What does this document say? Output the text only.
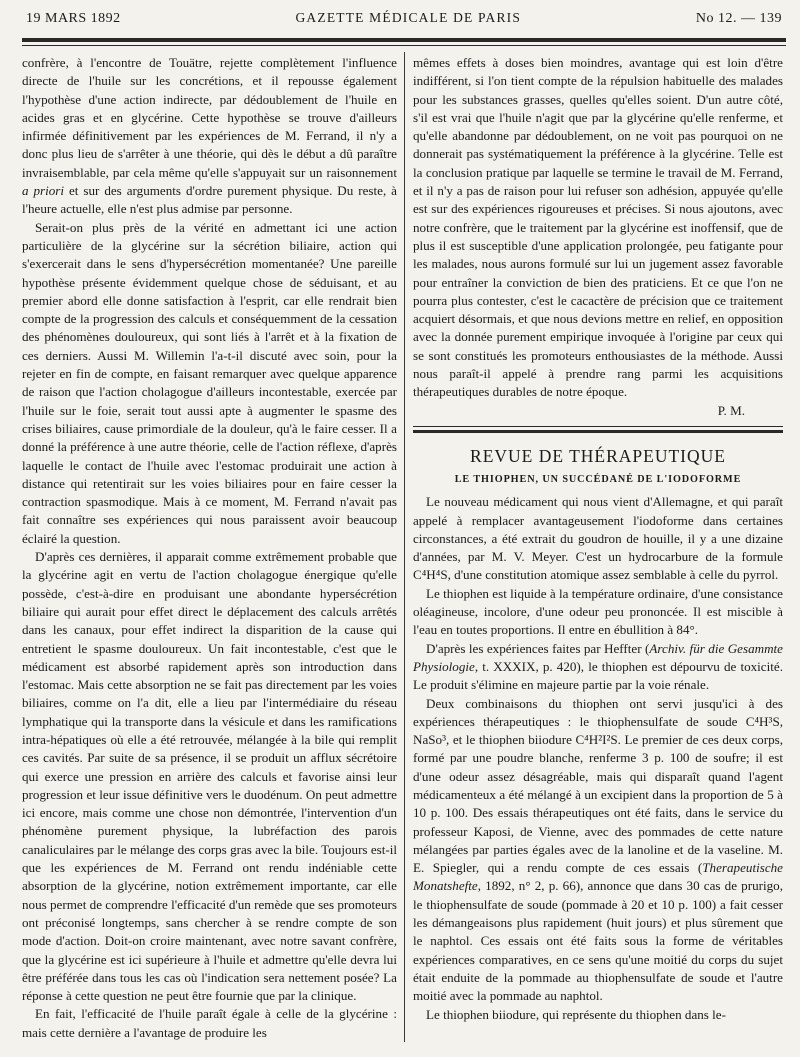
19 MARS 1892	GAZETTE MÉDICALE DE PARIS	No 12. — 139

confrère, à l'encontre de Touätre, rejette complètement l'influence directe de l'huile sur les concrétions, et il repousse également l'hypothèse d'une action indirecte, par dédoublement de l'huile en acides gras et en glycérine. Cette hypothèse se trouve d'ailleurs infirmée définitivement par les expériences de M. Ferrand, il n'y a donc plus lieu de s'arrêter à une théorie, qui dès le début a dû paraître invraisemblable, par cela même qu'elle s'appuyait sur un raisonnement a priori et sur des arguments d'ordre purement physique. Du reste, à l'heure actuelle, elle n'est plus admise par personne.

Serait-on plus près de la vérité en admettant ici une action particulière de la glycérine sur la sécrétion biliaire, action qui s'exercerait dans le sens d'hypersécrétion momentanée? Une pareille hypothèse présente évidemment quelque chose de séduisant, et au premier abord elle donne satisfaction à l'esprit, car elle rendrait bien compte de la progression des calculs et conséquemment de la cessation des phénomènes douloureux, qui sont liés à l'arrêt et à la fixation de ces derniers. Aussi M. Willemin l'a-t-il discuté avec soin, pour la rejeter en fin de compte, en faisant remarquer avec quelque apparence de raison que l'action cholagogue d'ailleurs incontestable, exercée par l'huile sur le foie, serait tout aussi apte à augmenter le spasme des crises biliaires, cause primordiale de la douleur, qu'à le faire cesser. Il a donné la préférence à une autre théorie, celle de l'action réflexe, d'après laquelle le contact de l'huile avec l'estomac produirait une action à distance qui retentirait sur les voies biliaires pour en faire cesser la contraction spasmodique. Mais à ce moment, M. Ferrand n'avait pas fait connaître ses expériences qui nous paraissent avoir beaucoup éclairé la question.

D'après ces dernières, il apparait comme extrêmement probable que la glycérine agit en vertu de l'action cholagogue énergique qu'elle possède, c'est-à-dire en produisant une abondante hypersécrétion biliaire qui aurait pour effet direct le déplacement des calculs arrêtés dans les canaux, pour effet indirect la disparition de la cause qui entretient le spasme douloureux. Un fait incontestable, c'est que le médicament est absorbé rapidement après son introduction dans l'estomac. Mais cette absorption ne se fait pas directement par les voies biliaires, comme on l'a dit, elle a lieu par l'intermédiaire du réseau lymphatique qui la transporte dans la vésicule et dans les ramifications intra-hépatiques où elle a été retrouvée, mélangée à la bile qui remplit ces cavités. Par suite de sa présence, il se produit un afflux sécrétoire qui exerce une pression en arrière des calculs et favorise ainsi leur progression et leur issue définitive vers le duodénum. On peut admettre ici encore, mais comme une chose non démontrée, l'intervention d'un phénomène purement physique, la lubréfaction des parois canaliculaires par le mélange des corps gras avec la bile. Toujours est-il que les expériences de M. Ferrand ont rendu indéniable cette absorption de la glycérine, notion extrêmement importante, car elle nous permet de comprendre l'efficacité d'un remède que ses promoteurs ont préconisé longtemps, sans chercher à se rendre compte de son mode d'action. Doit-on croire maintenant, avec notre savant confrère, que la glycérine est ici supérieure à l'huile et admettre qu'elle devra lui être préférée dans tous les cas où l'indication sera nettement posée? La réponse à cette question ne peut être fournie que par la clinique.

En fait, l'efficacité de l'huile paraît égale à celle de la glycérine : mais cette dernière a l'avantage de produire les

mêmes effets à doses bien moindres, avantage qui est loin d'être indifférent, si l'on tient compte de la répulsion habituelle des malades pour les substances grasses, quelles qu'elles soient. D'un autre côté, s'il est vrai que l'huile n'agit que par la glycérine qu'elle renferme, et qu'elle abandonne par dédoublement, on ne voit pas pourquoi on ne donnerait pas systématiquement la préférence à la glycérine. Telle est la conclusion pratique par laquelle se termine le travail de M. Ferrand, et il n'y a pas de raison pour lui refuser son adhésion, appuyée qu'elle est sur des expériences rigoureuses et précises. Si nous ajoutons, avec notre confrère, que le traitement par la glycérine est inoffensif, que de plus il est susceptible d'une application prolongée, peu fatigante pour les malades, nous aurons formulé sur lui un jugement assez favorable pour entraîner la conviction de bien des praticiens. Et ce que l'on ne pourra plus contester, c'est le cacactère de précision que ce traitement acquiert désormais, et que nous devions mettre en relief, en opposition avec la donnée purement empirique invoquée à l'origine par ceux qui se sont constitués les promoteurs enthousiastes de la méthode. Aussi nous paraît-il appelé à prendre rang parmi les acquisitions thérapeutiques durables de notre époque.

P. M.
REVUE DE THÉRAPEUTIQUE
LE THIOPHEN, UN SUCCÉDANÉ DE L'IODOFORME

Le nouveau médicament qui nous vient d'Allemagne, et qui paraît appelé à remplacer avantageusement l'iodoforme dans certaines circonstances, a été extrait du goudron de houille, il y a une dizaine d'années, par M. V. Meyer. C'est un hydrocarbure de la formule C⁴H⁴S, d'une constitution atomique assez semblable à celle du pyrrol.

Le thiophen est liquide à la température ordinaire, d'une consistance oléagineuse, incolore, d'une odeur peu prononcée. Il est miscible à l'eau en toutes proportions. Il entre en ébullition à 84°.

D'après les expériences faites par Heffter (Archiv. für die Gesammte Physiologie, t. XXXIX, p. 420), le thiophen est dépourvu de toxicité. Le produit s'élimine en majeure partie par la voie rénale.

Deux combinaisons du thiophen ont servi jusqu'ici à des expériences thérapeutiques : le thiophensulfate de soude C⁴H³S, NaSo³, et le thiophen biiodure C⁴H²I²S. Le premier de ces deux corps, formé par une poudre blanche, renferme 3 p. 100 de soufre; il est d'une odeur assez désagréable, mais qui disparaît quand l'agent médicamenteux a été mélangé à un excipient dans la proportion de 5 à 10 p. 100. Des essais thérapeutiques ont été faits, dans le service du professeur Kaposi, de Vienne, avec des pommades de cette nature mélangées par parties égales avec de la lanoline et de la vaseline. M. E. Spiegler, qui a rendu compte de ces essais (Therapeutische Monatshefte, 1892, n° 2, p. 66), annonce que dans 30 cas de prurigo, le thiophensulfate de soude (pommade à 20 et 10 p. 100) a fait cesser les démangeaisons plus rapidement (huit jours) et plus sûrement que le naphtol. Ces essais ont été faits sous la forme de véritables expériences comparatives, en ce sens qu'une moitié du corps du sujet était enduite de la pommade au thiophensulfate de soude et l'autre moitié avec la pommade au naphtol.

Le thiophen biiodure, qui représente du thiophen dans le-
